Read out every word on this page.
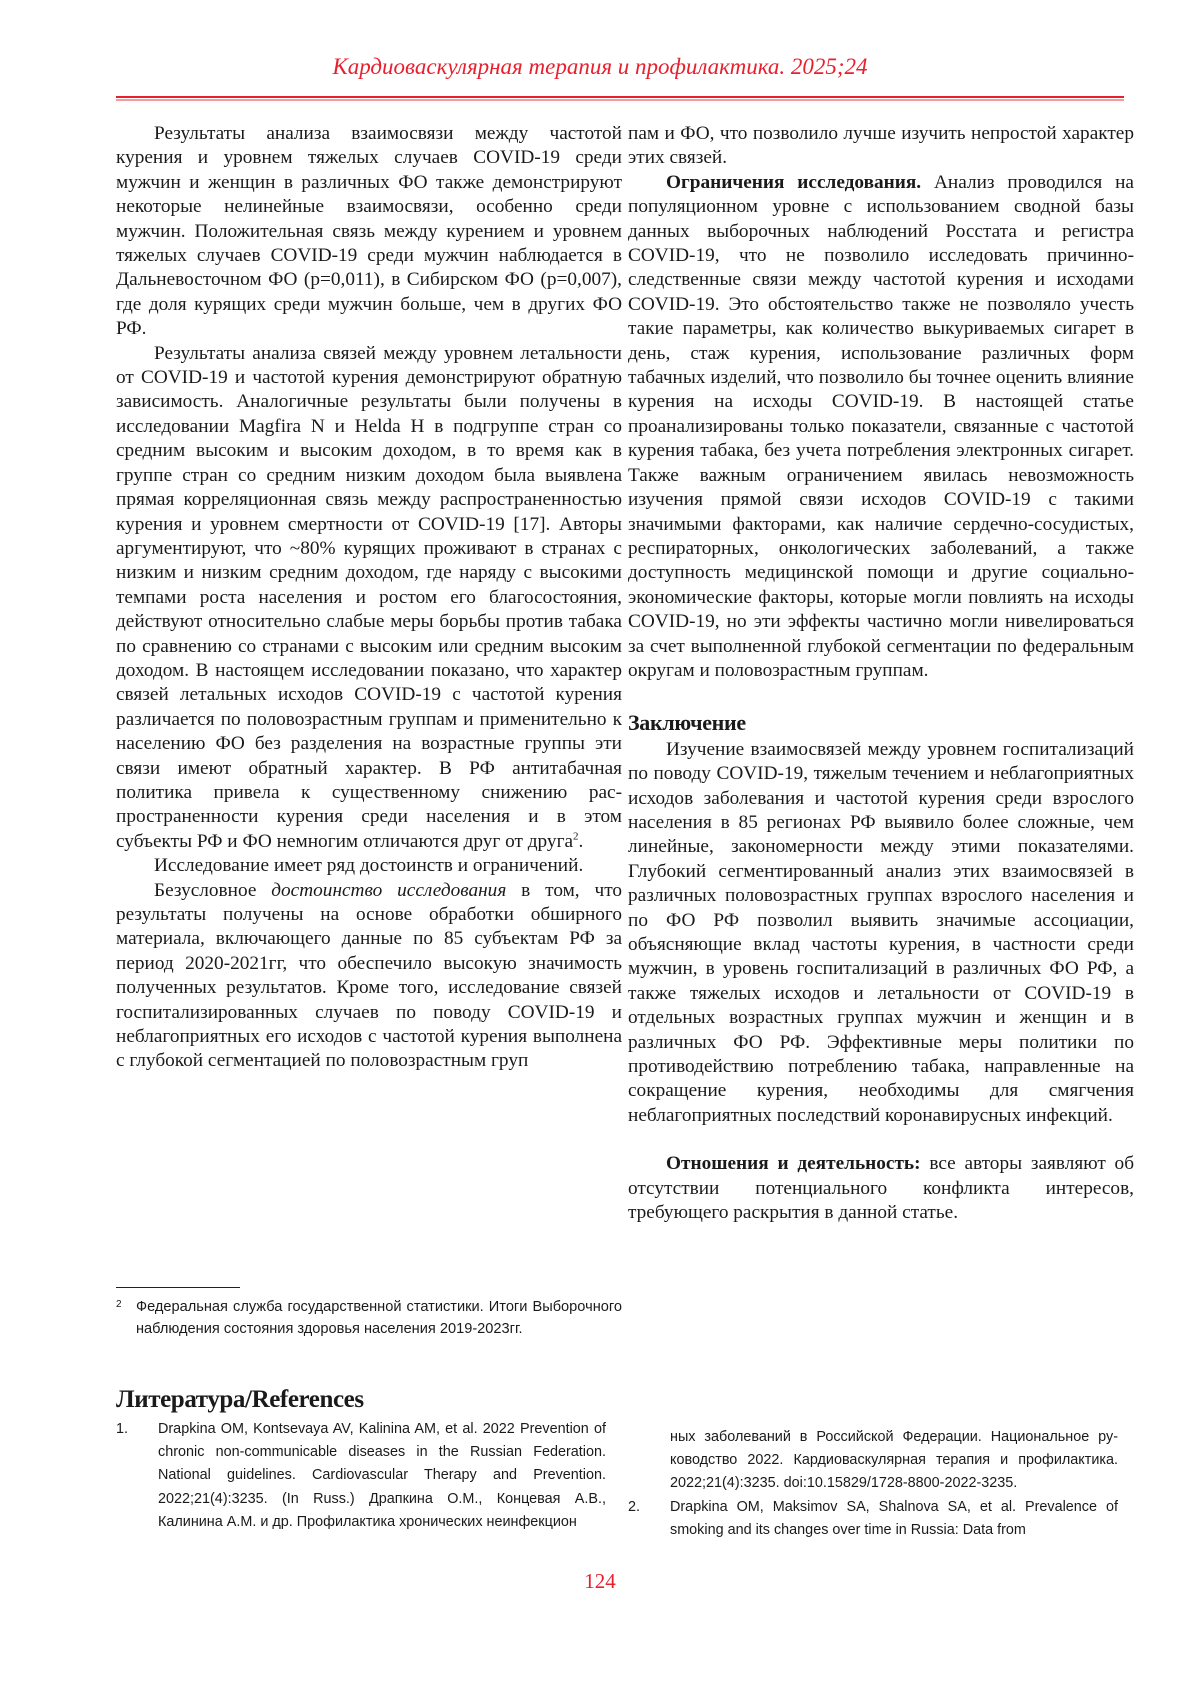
Кардиоваскулярная терапия и профилактика. 2025;24

Результаты анализа взаимосвязи между частотой курения и уровнем тяжелых случаев COVID-19 среди мужчин и женщин в различных ФО также демонстрируют некоторые нелинейные взаимосвязи, особенно среди мужчин. Положительная связь между курением и уровнем тяжелых случаев COVID-19 среди мужчин наблюдается в Дальневосточном ФО (p=0,011), в Сибирском ФО (p=0,007), где доля курящих среди мужчин больше, чем в других ФО РФ.

Результаты анализа связей между уровнем летальности от COVID-19 и частотой курения демонстрируют обратную зависимость. Аналогичные результаты были получены в исследовании Magfira N и Helda H в подгруппе стран со средним высоким и высоким доходом, в то время как в группе стран со средним низким доходом была выявлена прямая корреляционная связь между распространенностью курения и уровнем смертности от COVID-19 [17]. Авторы аргументируют, что ~80% курящих проживают в странах с низким и низким средним доходом, где наряду с высокими темпами роста населения и ростом его благосостояния, действуют относительно слабые меры борьбы против табака по сравнению со странами с высоким или средним высоким доходом. В настоящем исследовании показано, что характер связей летальных исходов COVID-19 с частотой курения различается по половозрастным группам и применительно к населению ФО без разделения на возрастные группы эти связи имеют обратный характер. В РФ антитабачная политика привела к существенному снижению распространенности курения среди населения и в этом субъекты РФ и ФО немногим отличаются друг от друга$^2$.

Исследование имеет ряд достоинств и ограничений.

Безусловное достоинство исследования в том, что результаты получены на основе обработки обширного материала, включающего данные по 85 субъектам РФ за период 2020-2021гг, что обеспечило высокую значимость полученных результатов. Кроме того, исследование связей госпитализированных случаев по поводу COVID-19 и неблагоприятных его исходов с частотой курения выполнена с глубокой сегментацией по половозрастным груп

пам и ФО, что позволило лучше изучить непростой характер этих связей.

Ограничения исследования. Анализ проводился на популяционном уровне с использованием сводной базы данных выборочных наблюдений Росстата и регистра COVID-19, что не позволило исследовать причинно-следственные связи между частотой курения и исходами COVID-19. Это обстоятельство также не позволяло учесть такие параметры, как количество выкуриваемых сигарет в день, стаж курения, использование различных форм табачных изделий, что позволило бы точнее оценить влияние курения на исходы COVID-19. В настоящей статье проанализированы только показатели, связанные с частотой курения табака, без учета потребления электронных сигарет. Также важным ограничением явилась невозможность изучения прямой связи исходов COVID-19 с такими значимыми факторами, как наличие сердечно-сосудистых, респираторных, онкологических заболеваний, а также доступность медицинской помощи и другие социально-экономические факторы, которые могли повлиять на исходы COVID-19, но эти эффекты частично могли нивелироваться за счет выполненной глубокой сегментации по федеральным округам и половозрастным группам.

Заключение

Изучение взаимосвязей между уровнем госпитализаций по поводу COVID-19, тяжелым течением и неблагоприятных исходов заболевания и частотой курения среди взрослого населения в 85 регионах РФ выявило более сложные, чем линейные, закономерности между этими показателями. Глубокий сегментированный анализ этих взаимосвязей в различных половозрастных группах взрослого населения и по ФО РФ позволил выявить значимые ассоциации, объясняющие вклад частоты курения, в частности среди мужчин, в уровень госпитализаций в различных ФО РФ, а также тяжелых исходов и летальности от COVID-19 в отдельных возрастных группах мужчин и женщин и в различных ФО РФ. Эффективные меры политики по противодействию потреблению табака, направленные на сокращение курения, необходимы для смягчения неблагоприятных последствий коронавирусных инфекций.

Отношения и деятельность: все авторы заявляют об отсутствии потенциального конфликта интересов, требующего раскрытия в данной статье.

2 Федеральная служба государственной статистики. Итоги Выборочного наблюдения состояния здоровья населения 2019-2023гг.
Литература/References
1. Drapkina OM, Kontsevaya AV, Kalinina AM, et al. 2022 Prevention of chronic non-communicable diseases in the Russian Federation. National guidelines. Cardiovascular Therapy and Prevention. 2022;21(4):3235. (In Russ.) Драпкина О.М., Концевая А.В., Калинина А.М. и др. Профилактика хронических неинфекцион
ных заболеваний в Российской Федерации. Национальное руководство 2022. Кардиоваскулярная терапия и профилактика. 2022;21(4):3235. doi:10.15829/1728-8800-2022-3235.
2. Drapkina OM, Maksimov SA, Shalnova SA, et al. Prevalence of smoking and its changes over time in Russia: Data from
124
